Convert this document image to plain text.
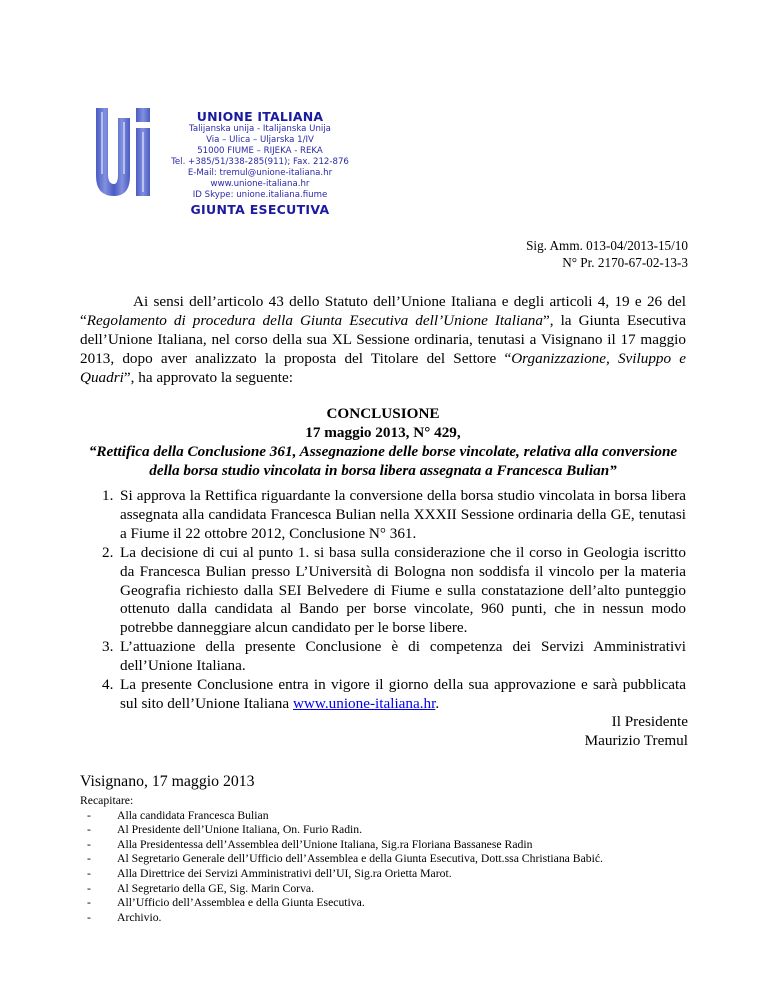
UNIONE ITALIANA
Talijanska unija - Italijanska Unija
Via – Ulica – Uljarska 1/IV
51000 FIUME – RIJEKA - REKA
Tel. +385/51/338-285(911); Fax. 212-876
E-Mail: tremul@unione-italiana.hr
www.unione-italiana.hr
ID Skype: unione.italiana.fiume
GIUNTA ESECUTIVA
Sig. Amm. 013-04/2013-15/10
N° Pr. 2170-67-02-13-3

Ai sensi dell’articolo 43 dello Statuto dell’Unione Italiana e degli articoli 4, 19 e 26 del “Regolamento di procedura della Giunta Esecutiva dell’Unione Italiana”, la Giunta Esecutiva dell’Unione Italiana, nel corso della sua XL Sessione ordinaria, tenutasi a Visignano il 17 maggio 2013, dopo aver analizzato la proposta del Titolare del Settore “Organizzazione, Sviluppo e Quadri”, ha approvato la seguente:

CONCLUSIONE
17 maggio 2013, N° 429,
“Rettifica della Conclusione 361, Assegnazione delle borse vincolate, relativa alla conversione della borsa studio vincolata in borsa libera assegnata a Francesca Bulian”
1. Si approva la Rettifica riguardante la conversione della borsa studio vincolata in borsa libera assegnata alla candidata Francesca Bulian nella XXXII Sessione ordinaria della GE, tenutasi a Fiume il 22 ottobre 2012, Conclusione N° 361.
2. La decisione di cui al punto 1. si basa sulla considerazione che il corso in Geologia iscritto da Francesca Bulian presso L’Università di Bologna non soddisfa il vincolo per la materia Geografia richiesto dalla SEI Belvedere di Fiume e sulla constatazione dell’alto punteggio ottenuto dalla candidata al Bando per borse vincolate, 960 punti, che in nessun modo potrebbe danneggiare alcun candidato per le borse libere.
3. L’attuazione della presente Conclusione è di competenza dei Servizi Amministrativi dell’Unione Italiana.
4. La presente Conclusione entra in vigore il giorno della sua approvazione e sarà pubblicata sul sito dell’Unione Italiana www.unione-italiana.hr.
Il Presidente
Maurizio Tremul
Visignano, 17 maggio 2013
Recapitare:
- Alla candidata Francesca Bulian
- Al Presidente dell’Unione Italiana, On. Furio Radin.
- Alla Presidentessa dell’Assemblea dell’Unione Italiana, Sig.ra Floriana Bassanese Radin
- Al Segretario Generale dell’Ufficio dell’Assemblea e della Giunta Esecutiva, Dott.ssa Christiana Babić.
- Alla Direttrice dei Servizi Amministrativi dell’UI, Sig.ra Orietta Marot.
- Al Segretario della GE, Sig. Marin Corva.
- All’Ufficio dell’Assemblea e della Giunta Esecutiva.
- Archivio.
